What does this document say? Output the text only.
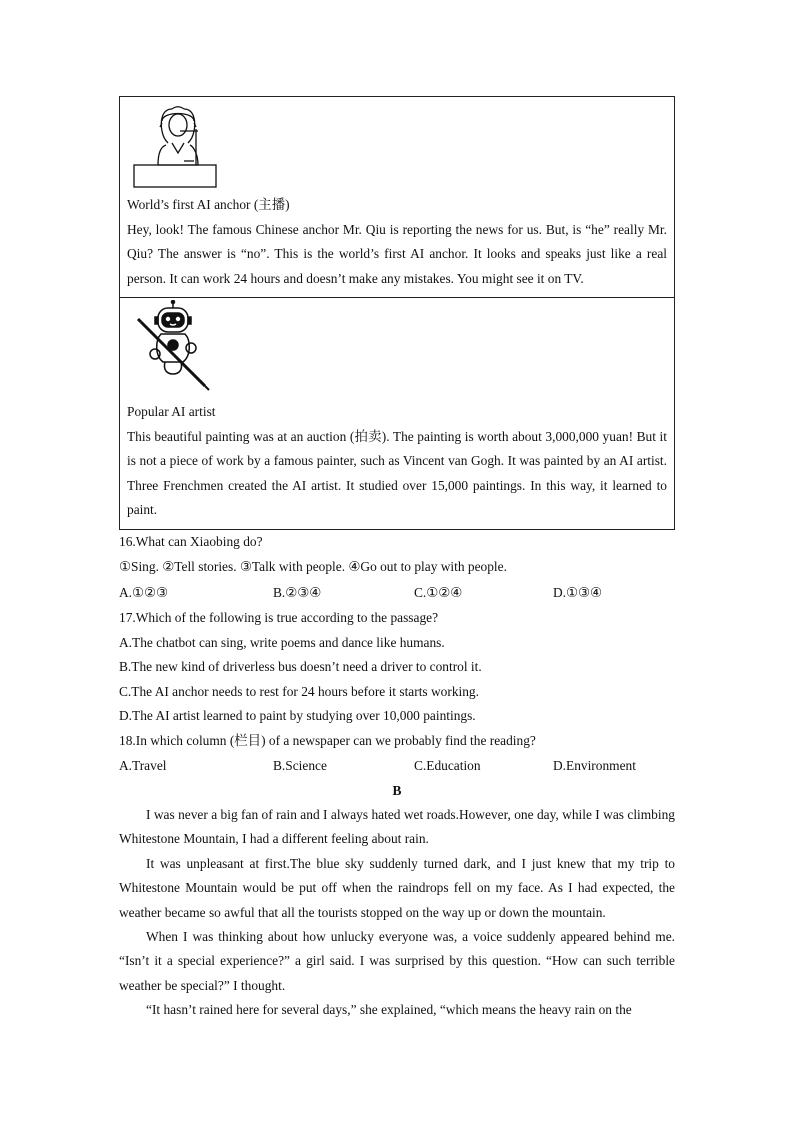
World’s first AI anchor (主播)

Hey, look! The famous Chinese anchor Mr. Qiu is reporting the news for us. But, is “he” really Mr. Qiu? The answer is “no”. This is the world’s first AI anchor. It looks and speaks just like a real person. It can work 24 hours and doesn’t make any mistakes. You might see it on TV.

AI

Popular AI artist

This beautiful painting was at an auction (拍卖). The painting is worth about 3,000,000 yuan! But it is not a piece of work by a famous painter, such as Vincent van Gogh. It was painted by an AI artist. Three Frenchmen created the AI artist. It studied over 15,000 paintings. In this way, it learned to paint.

16.What can Xiaobing do?

①Sing. ②Tell stories. ③Talk with people. ④Go out to play with people.

A.①②③	B.②③④	C.①②④	D.①③④

17.Which of the following is true according to the passage?

A.The chatbot can sing, write poems and dance like humans.

B.The new kind of driverless bus doesn’t need a driver to control it.

C.The AI anchor needs to rest for 24 hours before it starts working.

D.The AI artist learned to paint by studying over 10,000 paintings.

18.In which column (栏目) of a newspaper can we probably find the reading?

A.Travel	B.Science	C.Education	D.Environment
B

I was never a big fan of rain and I always hated wet roads.However, one day, while I was climbing Whitestone Mountain, I had a different feeling about rain.

It was unpleasant at first.The blue sky suddenly turned dark, and I just knew that my trip to Whitestone Mountain would be put off when the raindrops fell on my face. As I had expected, the weather became so awful that all the tourists stopped on the way up or down the mountain.

When I was thinking about how unlucky everyone was, a voice suddenly appeared behind me. “Isn’t it a special experience?” a girl said. I was surprised by this question. “How can such terrible weather be special?” I thought.

“It hasn’t rained here for several days,” she explained, “which means the heavy rain on the
